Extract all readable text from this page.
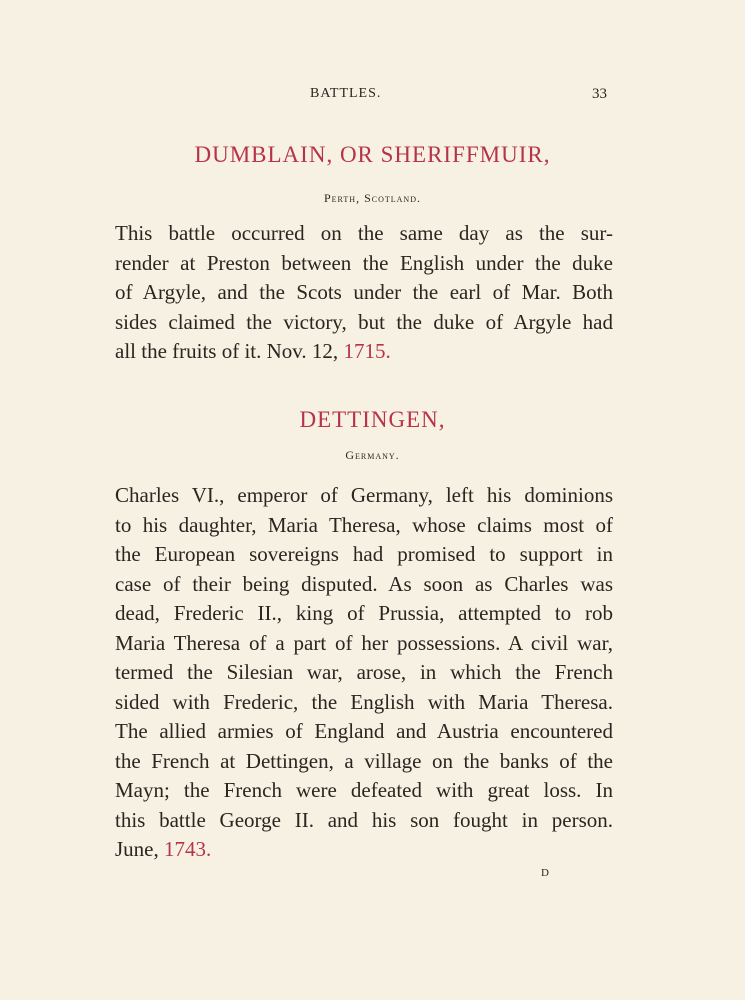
BATTLES.	33
DUMBLAIN, OR SHERIFFMUIR,
Perth, Scotland.
This battle occurred on the same day as the sur-
render at Preston between the English under the duke
of Argyle, and the Scots under the earl of Mar. Both
sides claimed the victory, but the duke of Argyle had
all the fruits of it. Nov. 12, 1715.
DETTINGEN,
Germany.
Charles VI., emperor of Germany, left his dominions
to his daughter, Maria Theresa, whose claims most of
the European sovereigns had promised to support in
case of their being disputed. As soon as Charles was
dead, Frederic II., king of Prussia, attempted to rob
Maria Theresa of a part of her possessions. A civil war,
termed the Silesian war, arose, in which the French
sided with Frederic, the English with Maria Theresa.
The allied armies of England and Austria encountered
the French at Dettingen, a village on the banks of the
Mayn; the French were defeated with great loss. In
this battle George II. and his son fought in person.
June, 1743.
D
